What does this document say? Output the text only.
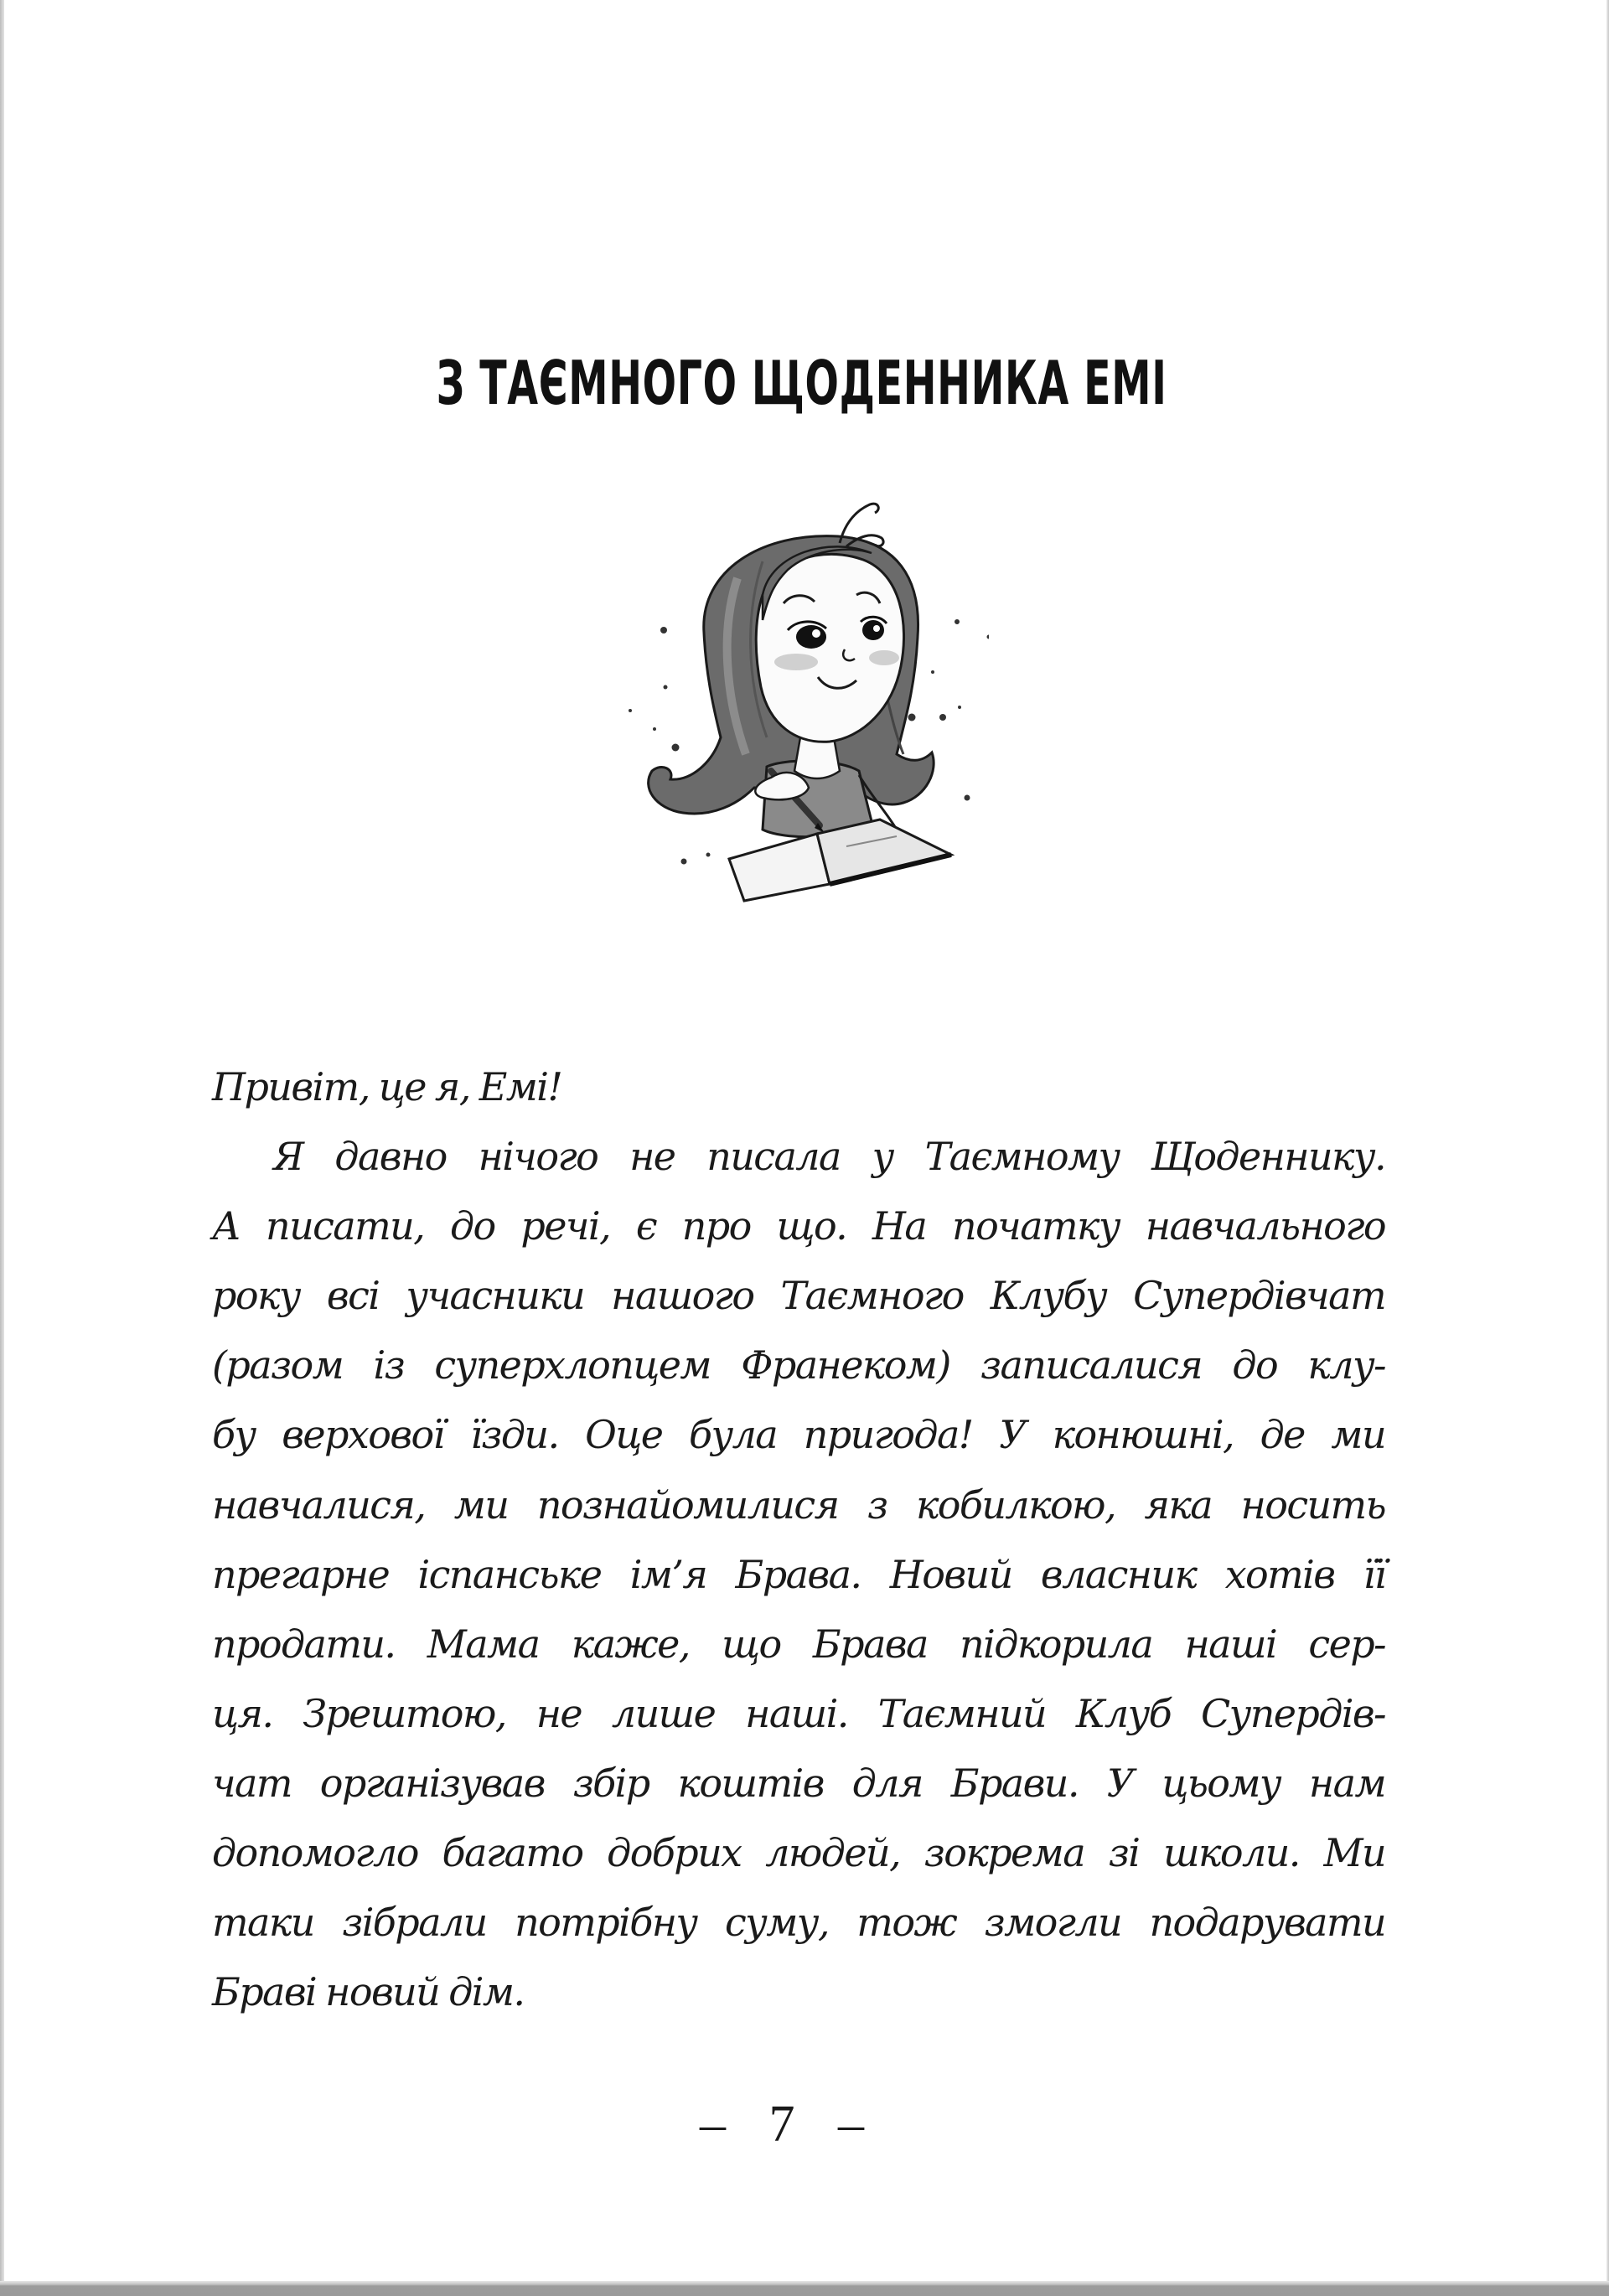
З ТАЄМНОГО ЩОДЕННИКА ЕМІ
Привіт, це я, Емі!
Я давно нічого не писала у Таємному Щоденнику.
А писати, до речі, є про що. На початку навчального
року всі учасники нашого Таємного Клубу Супердівчат
(разом із суперхлопцем Франеком) записалися до клу-
бу верхової їзди. Оце була пригода! У конюшні, де ми
навчалися, ми познайомилися з кобилкою, яка носить
прегарне іспанське ім’я Брава. Новий власник хотів її
продати. Мама каже, що Брава підкорила наші сер-
ця. Зрештою, не лише наші. Таємний Клуб Супердів-
чат організував збір коштів для Брави. У цьому нам
допомогло багато добрих людей, зокрема зі школи. Ми
таки зібрали потрібну суму, тож змогли подарувати
Браві новий дім.
– 7 –
